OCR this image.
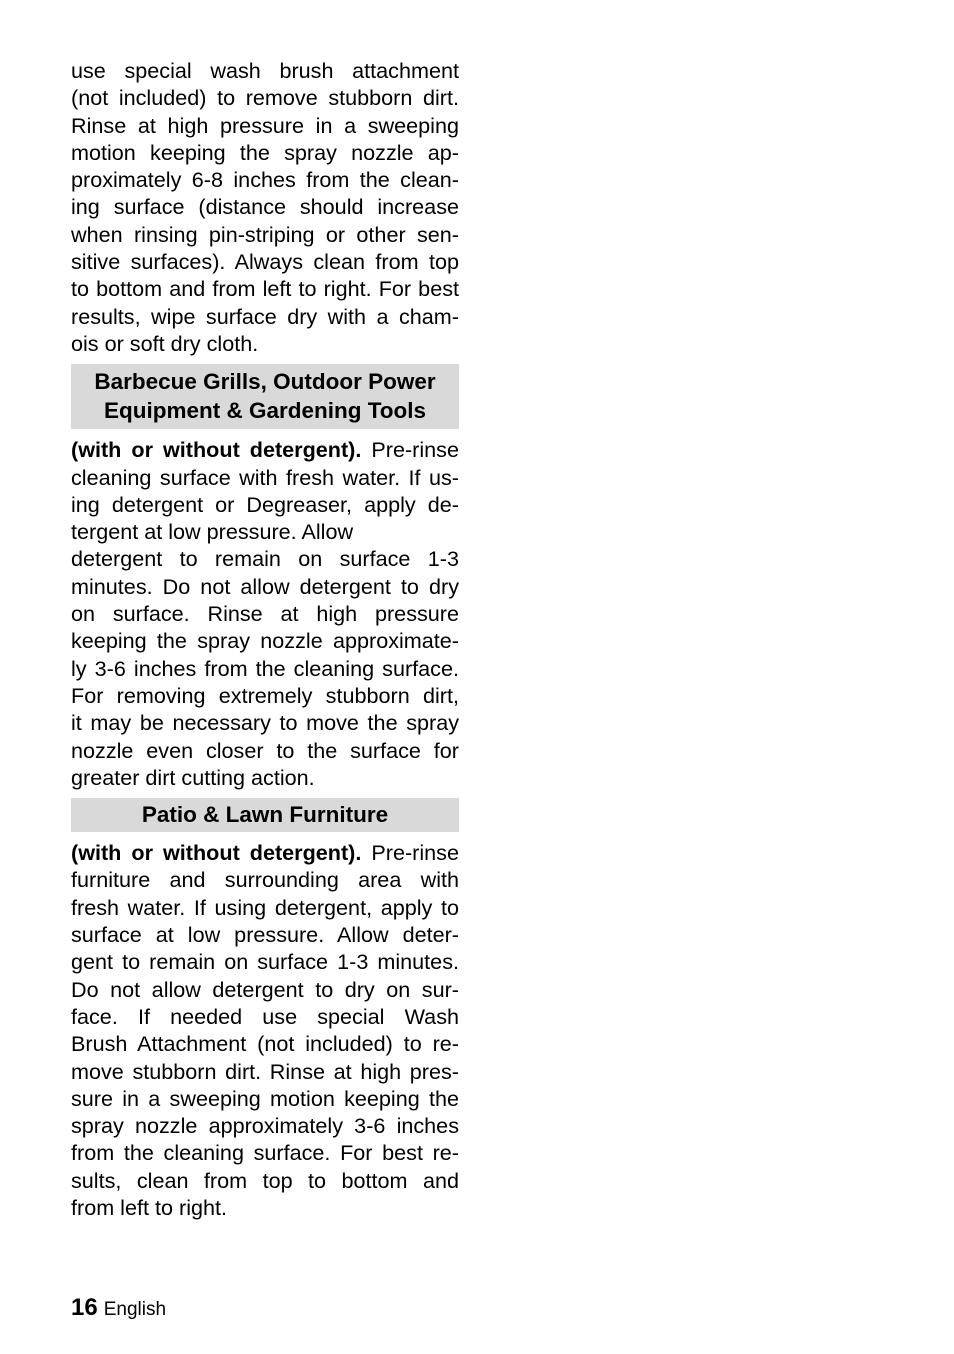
use special wash brush attachment
(not included) to remove stubborn dirt.
Rinse at high pressure in a sweeping
motion keeping the spray nozzle ap-
proximately 6-8 inches from the clean-
ing surface (distance should increase
when rinsing pin-striping or other sen-
sitive surfaces). Always clean from top
to bottom and from left to right. For best
results, wipe surface dry with a cham-
ois or soft dry cloth.

Barbecue Grills, Outdoor Power
Equipment & Gardening Tools

(with or without detergent). Pre-rinse
cleaning surface with fresh water. If us-
ing detergent or Degreaser, apply de-
tergent at low pressure. Allow
detergent to remain on surface 1-3
minutes. Do not allow detergent to dry
on surface. Rinse at high pressure
keeping the spray nozzle approximate-
ly 3-6 inches from the cleaning surface.
For removing extremely stubborn dirt,
it may be necessary to move the spray
nozzle even closer to the surface for
greater dirt cutting action.

Patio & Lawn Furniture

(with or without detergent). Pre-rinse
furniture and surrounding area with
fresh water. If using detergent, apply to
surface at low pressure. Allow deter-
gent to remain on surface 1-3 minutes.
Do not allow detergent to dry on sur-
face. If needed use special Wash
Brush Attachment (not included) to re-
move stubborn dirt. Rinse at high pres-
sure in a sweeping motion keeping the
spray nozzle approximately 3-6 inches
from the cleaning surface. For best re-
sults, clean from top to bottom and
from left to right.

16 English
